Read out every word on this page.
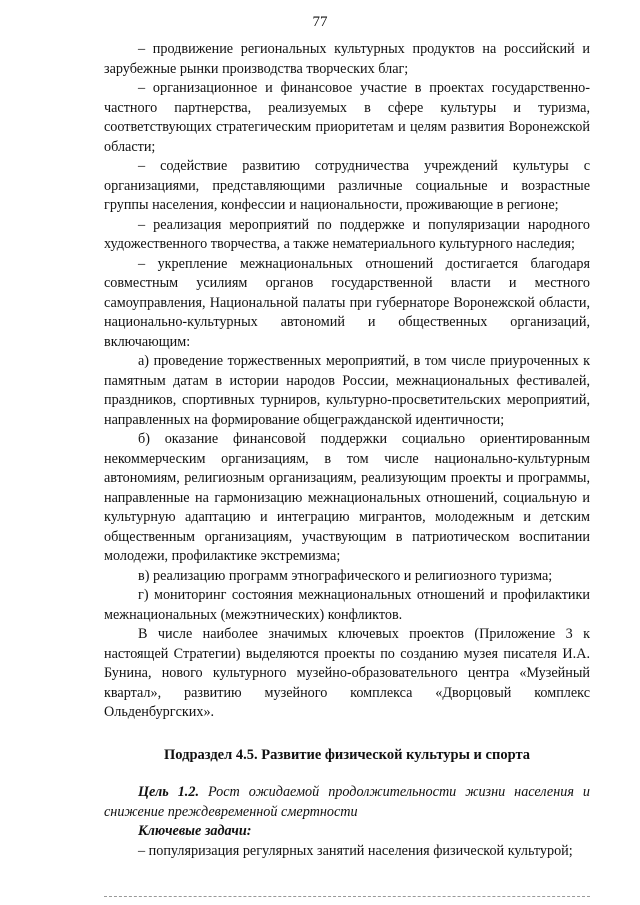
77

– продвижение региональных культурных продуктов на российский и зарубежные рынки производства творческих благ;

– организационное и финансовое участие в проектах государственно-частного партнерства, реализуемых в сфере культуры и туризма, соответствующих стратегическим приоритетам и целям развития Воронежской области;

– содействие развитию сотрудничества учреждений культуры с организациями, представляющими различные социальные и возрастные группы населения, конфессии и национальности, проживающие в регионе;

– реализация мероприятий по поддержке и популяризации народного художественного творчества, а также нематериального культурного наследия;

– укрепление межнациональных отношений достигается благодаря совместным усилиям органов государственной власти и местного самоуправления, Национальной палаты при губернаторе Воронежской области, национально-культурных автономий и общественных организаций, включающим:

а) проведение торжественных мероприятий, в том числе приуроченных к памятным датам в истории народов России, межнациональных фестивалей, праздников, спортивных турниров, культурно-просветительских мероприятий, направленных на формирование общегражданской идентичности;

б) оказание финансовой поддержки социально ориентированным некоммерческим организациям, в том числе национально-культурным автономиям, религиозным организациям, реализующим проекты и программы, направленные на гармонизацию межнациональных отношений, социальную и культурную адаптацию и интеграцию мигрантов, молодежным и детским общественным организациям, участвующим в патриотическом воспитании молодежи, профилактике экстремизма;

в) реализацию программ этнографического и религиозного туризма;

г) мониторинг состояния межнациональных отношений и профилактики межнациональных (межэтнических) конфликтов.

В числе наиболее значимых ключевых проектов (Приложение 3 к настоящей Стратегии) выделяются проекты по созданию музея писателя И.А. Бунина, нового культурного музейно-образовательного центра «Музейный квартал», развитию музейного комплекса «Дворцовый комплекс Ольденбургских».

Подраздел 4.5. Развитие физической культуры и спорта

Цель 1.2. Рост ожидаемой продолжительности жизни населения и снижение преждевременной смертности

Ключевые задачи:

– популяризация регулярных занятий населения физической культурой;
